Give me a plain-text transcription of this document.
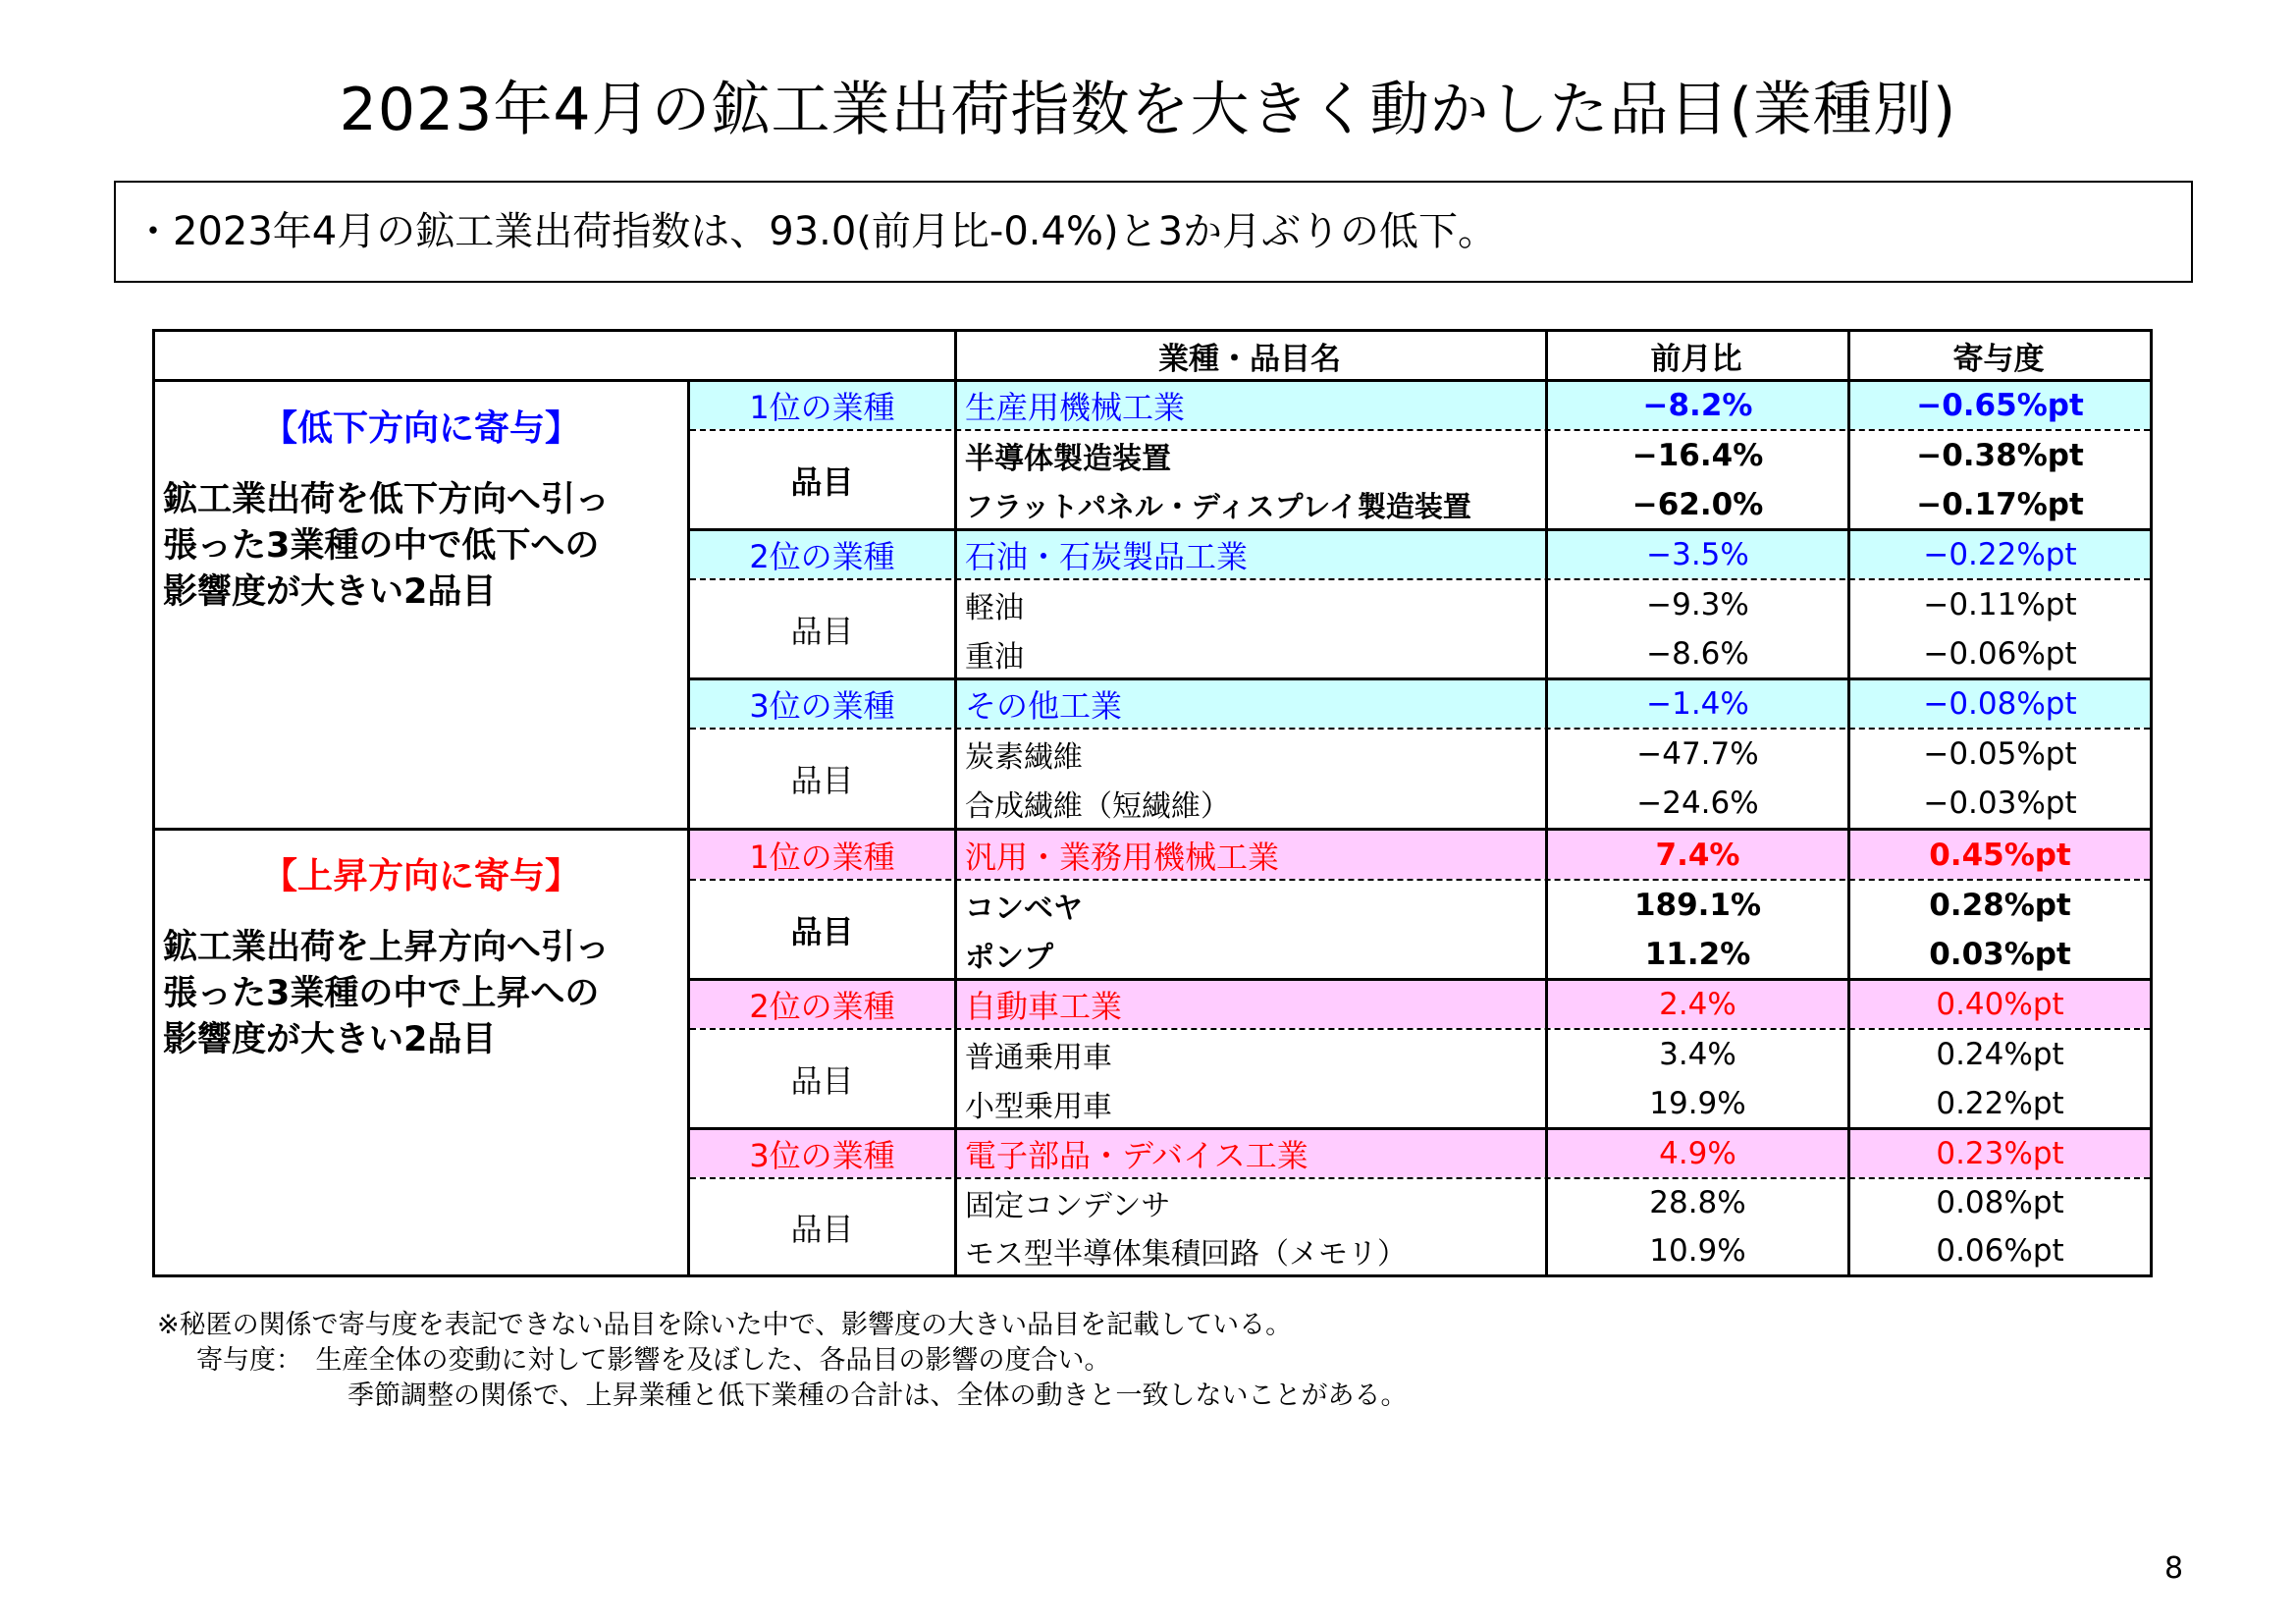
2023年4月の鉱工業出荷指数を大きく動かした品目(業種別)
・2023年4月の鉱工業出荷指数は、93.0(前月比-0.4%)と3か月ぶりの低下。
業種・品目名	前月比	寄与度
【低下方向に寄与】
鉱工業出荷を低下方向へ引っ張った3業種の中で低下への影響度が大きい2品目
【上昇方向に寄与】
鉱工業出荷を上昇方向へ引っ張った3業種の中で上昇への影響度が大きい2品目
1位の業種	生産用機械工業	−8.2%	−0.65%pt
品目
半導体製造装置	−16.4%	−0.38%pt
フラットパネル・ディスプレイ製造装置	−62.0%	−0.17%pt
2位の業種	石油・石炭製品工業	−3.5%	−0.22%pt
品目
軽油	−9.3%	−0.11%pt
重油	−8.6%	−0.06%pt
3位の業種	その他工業	−1.4%	−0.08%pt
品目
炭素繊維	−47.7%	−0.05%pt
合成繊維（短繊維）	−24.6%	−0.03%pt
1位の業種	汎用・業務用機械工業	7.4%	0.45%pt
品目
コンベヤ	189.1%	0.28%pt
ポンプ	11.2%	0.03%pt
2位の業種	自動車工業	2.4%	0.40%pt
品目
普通乗用車	3.4%	0.24%pt
小型乗用車	19.9%	0.22%pt
3位の業種	電子部品・デバイス工業	4.9%	0.23%pt
品目
固定コンデンサ	28.8%	0.08%pt
モス型半導体集積回路（メモリ）	10.9%	0.06%pt
※秘匿の関係で寄与度を表記できない品目を除いた中で、影響度の大きい品目を記載している。
寄与度：　生産全体の変動に対して影響を及ぼした、各品目の影響の度合い。
季節調整の関係で、上昇業種と低下業種の合計は、全体の動きと一致しないことがある。
8
